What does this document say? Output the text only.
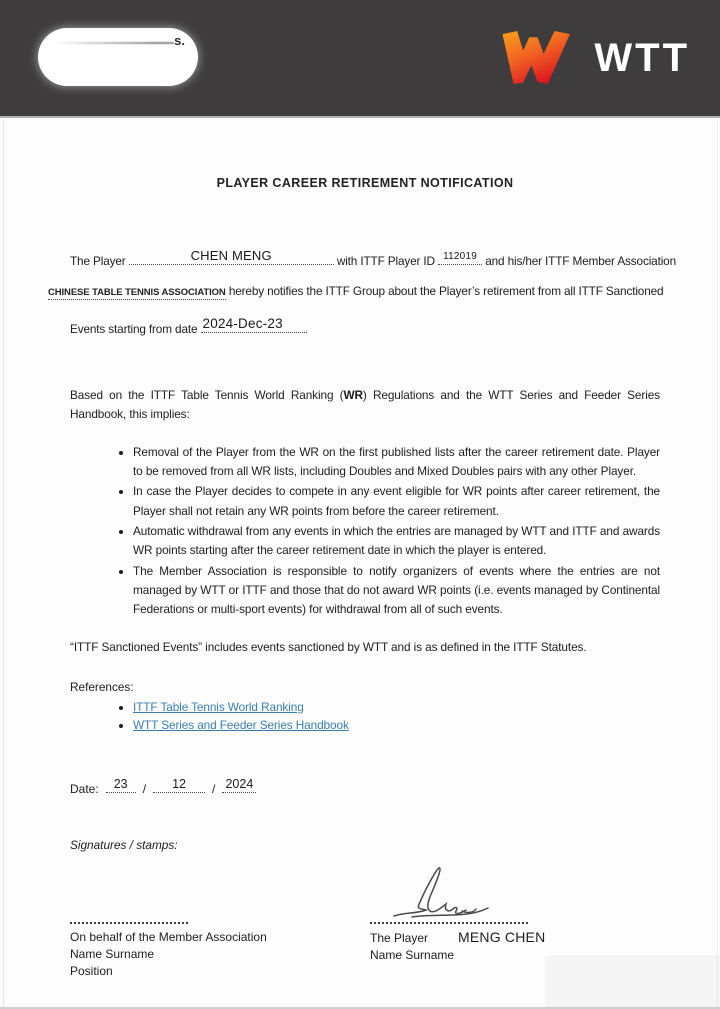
s.	WTT
PLAYER CAREER RETIREMENT NOTIFICATION
The Player	CHEN MENG	with ITTF Player ID 112019 and his/her ITTF Member Association
CHINESE TABLE TENNIS ASSOCIATION hereby notifies the ITTF Group about the Player’s retirement from all ITTF Sanctioned
Events starting from date 2024-Dec-23
Based on the ITTF Table Tennis World Ranking (WR) Regulations and the WTT Series and Feeder Series Handbook, this implies:
• Removal of the Player from the WR on the first published lists after the career retirement date. Player to be removed from all WR lists, including Doubles and Mixed Doubles pairs with any other Player.
• In case the Player decides to compete in any event eligible for WR points after career retirement, the Player shall not retain any WR points from before the career retirement.
• Automatic withdrawal from any events in which the entries are managed by WTT and ITTF and awards WR points starting after the career retirement date in which the player is entered.
• The Member Association is responsible to notify organizers of events where the entries are not managed by WTT or ITTF and those that do not award WR points (i.e. events managed by Continental Federations or multi-sport events) for withdrawal from all of such events.
“ITTF Sanctioned Events” includes events sanctioned by WTT and is as defined in the ITTF Statutes.
References:
• ITTF Table Tennis World Ranking
• WTT Series and Feeder Series Handbook
Date:	23	/	12	/ 2024
Signatures / stamps:
On behalf of the Member Association
Name Surname
Position
The Player MENG CHEN
Name Surname
